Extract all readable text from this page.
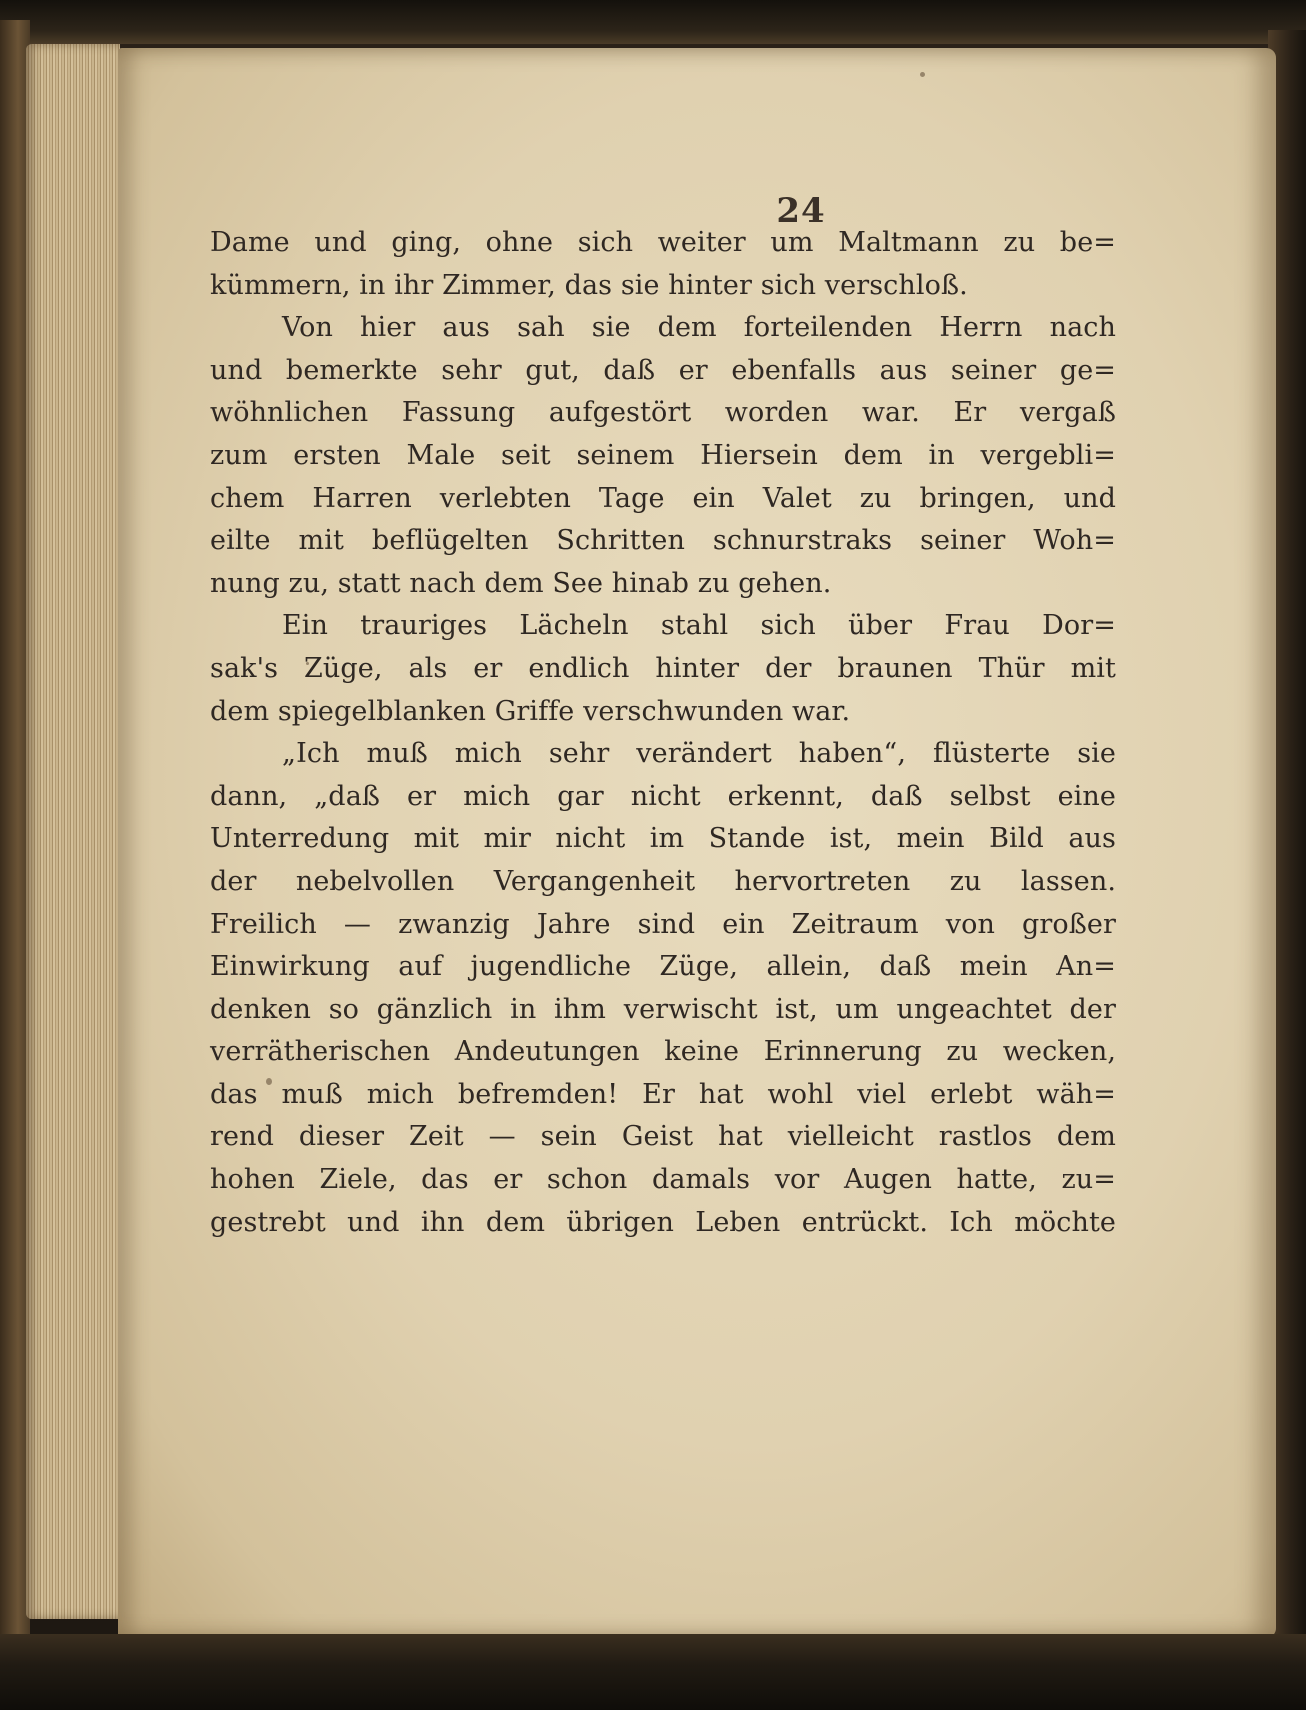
24
Dame und ging, ohne sich weiter um Maltmann zu be=
kümmern, in ihr Zimmer, das sie hinter sich verschloß.
Von hier aus sah sie dem forteilenden Herrn nach
und bemerkte sehr gut, daß er ebenfalls aus seiner ge=
wöhnlichen Fassung aufgestört worden war. Er vergaß
zum ersten Male seit seinem Hiersein dem in vergebli=
chem Harren verlebten Tage ein Valet zu bringen, und
eilte mit beflügelten Schritten schnurstraks seiner Woh=
nung zu, statt nach dem See hinab zu gehen.
Ein trauriges Lächeln stahl sich über Frau Dor=
sak's Züge, als er endlich hinter der braunen Thür mit
dem spiegelblanken Griffe verschwunden war.
„Ich muß mich sehr verändert haben“, flüsterte sie
dann, „daß er mich gar nicht erkennt, daß selbst eine
Unterredung mit mir nicht im Stande ist, mein Bild aus
der nebelvollen Vergangenheit hervortreten zu lassen.
Freilich — zwanzig Jahre sind ein Zeitraum von großer
Einwirkung auf jugendliche Züge, allein, daß mein An=
denken so gänzlich in ihm verwischt ist, um ungeachtet der
verrätherischen Andeutungen keine Erinnerung zu wecken,
das muß mich befremden! Er hat wohl viel erlebt wäh=
rend dieser Zeit — sein Geist hat vielleicht rastlos dem
hohen Ziele, das er schon damals vor Augen hatte, zu=
gestrebt und ihn dem übrigen Leben entrückt. Ich möchte
